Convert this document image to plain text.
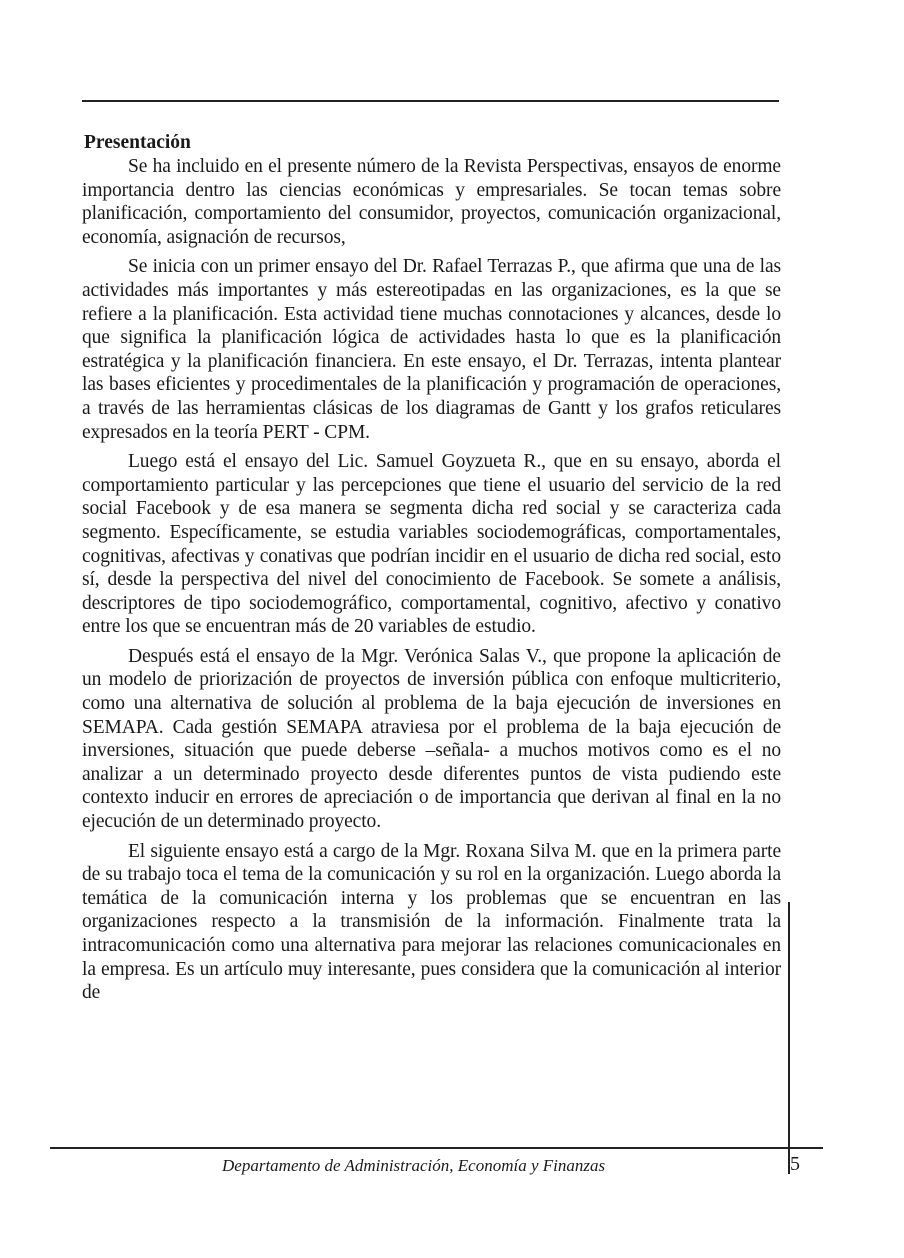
Presentación

Se ha incluido en el presente número de la Revista Perspectivas, ensayos de enorme importancia dentro las ciencias económicas y empresariales. Se tocan temas sobre planificación, comportamiento del consumidor, proyectos, comunicación organizacional, economía, asignación de recursos,

Se inicia con un primer ensayo del Dr. Rafael Terrazas P., que afirma que una de las actividades más importantes y más estereotipadas en las organizaciones, es la que se refiere a la planificación. Esta actividad tiene muchas connotaciones y alcances, desde lo que significa la planificación lógica de actividades hasta lo que es la planificación estratégica y la planificación financiera. En este ensayo, el Dr. Terrazas, intenta plantear las bases eficientes y procedimentales de la planificación y programación de operaciones, a través de las herramientas clásicas de los diagramas de Gantt y los grafos reticulares expresados en la teoría PERT - CPM.

Luego está el ensayo del Lic. Samuel Goyzueta R., que en su ensayo, aborda el comportamiento particular y las percepciones que tiene el usuario del servicio de la red social Facebook y de esa manera se segmenta dicha red social y se caracteriza cada segmento. Específicamente, se estudia variables sociodemográficas, comportamentales, cognitivas, afectivas y conativas que podrían incidir en el usuario de dicha red social, esto sí, desde la perspectiva del nivel del conocimiento de Facebook. Se somete a análisis, descriptores de tipo sociodemográfico, comportamental, cognitivo, afectivo y conativo entre los que se encuentran más de 20 variables de estudio.

Después está el ensayo de la Mgr. Verónica Salas V., que propone la aplicación de un modelo de priorización de proyectos de inversión pública con enfoque multicriterio, como una alternativa de solución al problema de la baja ejecución de inversiones en SEMAPA. Cada gestión SEMAPA atraviesa por el problema de la baja ejecución de inversiones, situación que puede deberse –señala- a muchos motivos como es el no analizar a un determinado proyecto desde diferentes puntos de vista pudiendo este contexto inducir en errores de apreciación o de importancia que derivan al final en la no ejecución de un determinado proyecto.

El siguiente ensayo está a cargo de la Mgr. Roxana Silva M. que en la primera parte de su trabajo toca el tema de la comunicación y su rol en la organización. Luego aborda la temática de la comunicación interna y los problemas que se encuentran en las organizaciones respecto a la transmisión de la información. Finalmente trata la intracomunicación como una alternativa para mejorar las relaciones comunicacionales en la empresa. Es un artículo muy interesante, pues considera que la comunicación al interior de

Departamento de Administración, Economía y Finanzas	5
